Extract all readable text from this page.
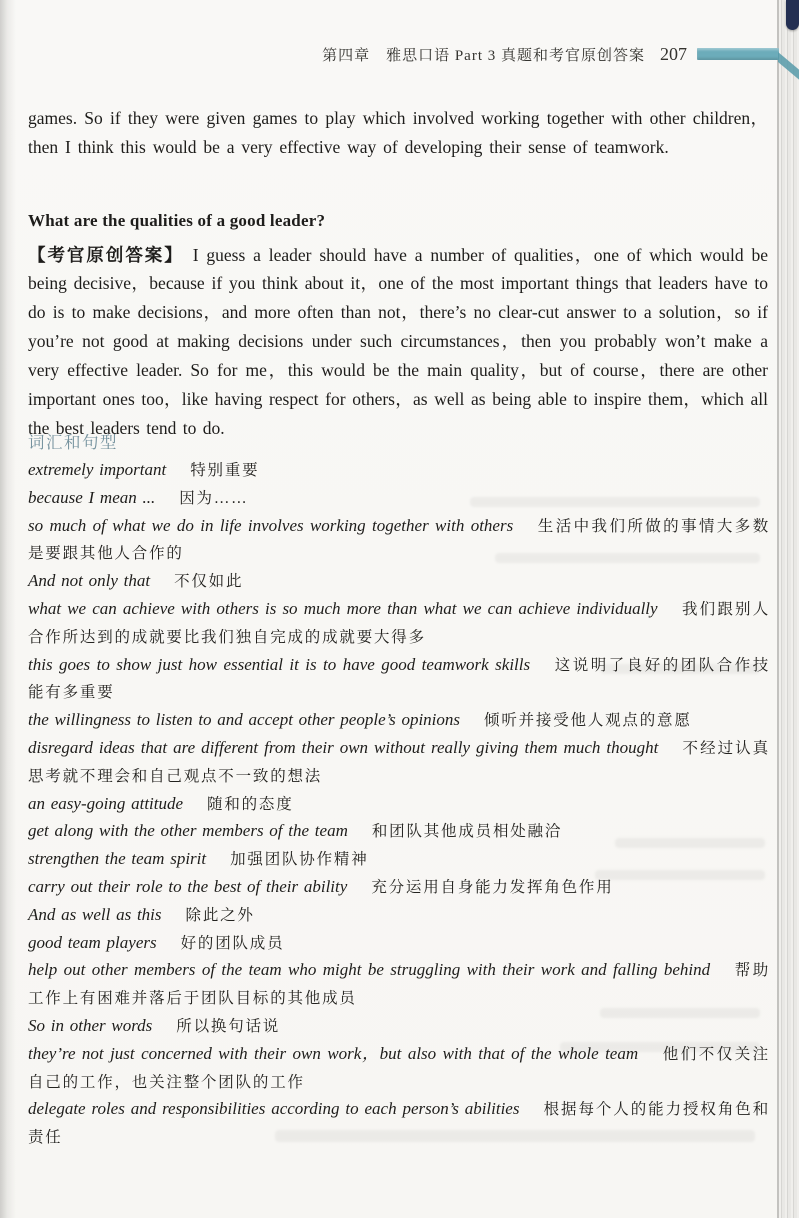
第四章 雅思口语 Part 3 真题和考官原创答案 207

games. So if they were given games to play which involved working together with other children，then I think this would be a very effective way of developing their sense of teamwork.

What are the qualities of a good leader?

【考官原创答案】 I guess a leader should have a number of qualities，one of which would be being decisive，because if you think about it，one of the most important things that leaders have to do is to make decisions，and more often than not，there’s no clear-cut answer to a solution，so if you’re not good at making decisions under such circumstances，then you probably won’t make a very effective leader. So for me，this would be the main quality，but of course，there are other important ones too，like having respect for others，as well as being able to inspire them，which all the best leaders tend to do.

词汇和句型

extremely important 特别重要

because I mean ... 因为……

so much of what we do in life involves working together with others 生活中我们所做的事情大多数是要跟其他人合作的

And not only that 不仅如此

what we can achieve with others is so much more than what we can achieve individually 我们跟别人合作所达到的成就要比我们独自完成的成就要大得多

this goes to show just how essential it is to have good teamwork skills 这说明了良好的团队合作技能有多重要

the willingness to listen to and accept other people’s opinions 倾听并接受他人观点的意愿

disregard ideas that are different from their own without really giving them much thought 不经过认真思考就不理会和自己观点不一致的想法

an easy-going attitude 随和的态度

get along with the other members of the team 和团队其他成员相处融洽

strengthen the team spirit 加强团队协作精神

carry out their role to the best of their ability 充分运用自身能力发挥角色作用

And as well as this 除此之外

good team players 好的团队成员

help out other members of the team who might be struggling with their work and falling behind 帮助工作上有困难并落后于团队目标的其他成员

So in other words 所以换句话说

they’re not just concerned with their own work，but also with that of the whole team 他们不仅关注自己的工作，也关注整个团队的工作

delegate roles and responsibilities according to each person’s abilities 根据每个人的能力授权角色和责任
